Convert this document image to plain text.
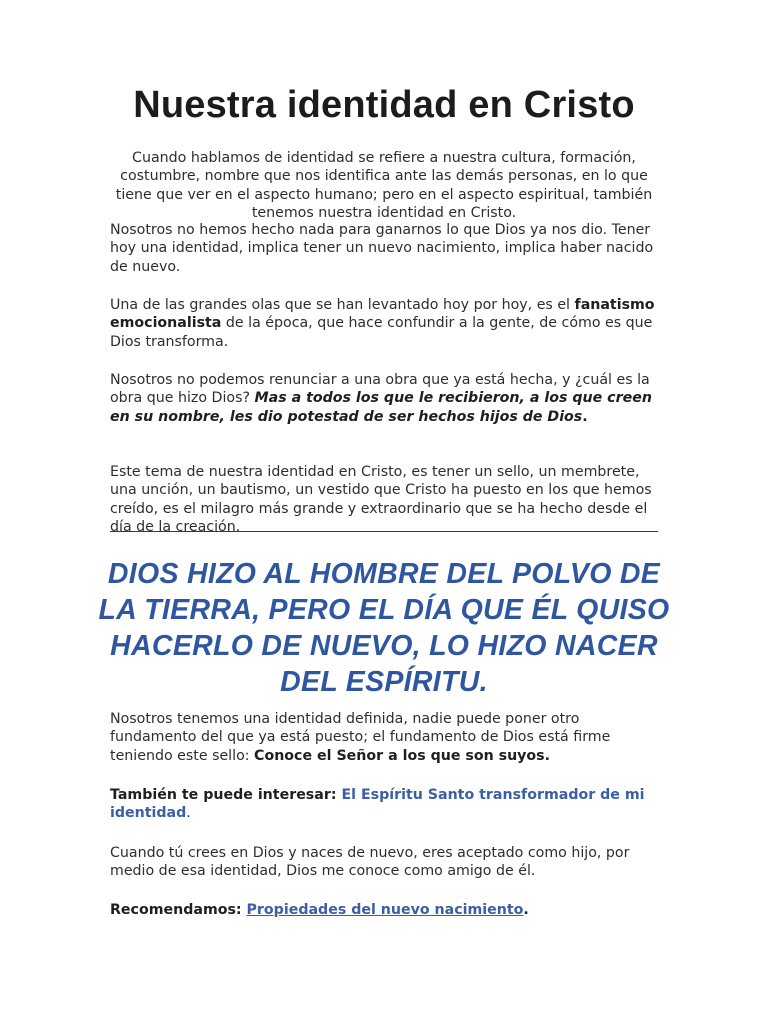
Nuestra identidad en Cristo

Cuando hablamos de identidad se refiere a nuestra cultura, formación, costumbre, nombre que nos identifica ante las demás personas, en lo que tiene que ver en el aspecto humano; pero en el aspecto espiritual, también tenemos nuestra identidad en Cristo.

Nosotros no hemos hecho nada para ganarnos lo que Dios ya nos dio. Tener hoy una identidad, implica tener un nuevo nacimiento, implica haber nacido de nuevo.

Una de las grandes olas que se han levantado hoy por hoy, es el fanatismo emocionalista de la época, que hace confundir a la gente, de cómo es que Dios transforma.

Nosotros no podemos renunciar a una obra que ya está hecha, y ¿cuál es la obra que hizo Dios? Mas a todos los que le recibieron, a los que creen en su nombre, les dio potestad de ser hechos hijos de Dios.

Este tema de nuestra identidad en Cristo, es tener un sello, un membrete, una unción, un bautismo, un vestido que Cristo ha puesto en los que hemos creído, es el milagro más grande y extraordinario que se ha hecho desde el día de la creación.

DIOS HIZO AL HOMBRE DEL POLVO DE LA TIERRA, PERO EL DÍA QUE ÉL QUISO HACERLO DE NUEVO, LO HIZO NACER DEL ESPÍRITU.

Nosotros tenemos una identidad definida, nadie puede poner otro fundamento del que ya está puesto; el fundamento de Dios está firme teniendo este sello: Conoce el Señor a los que son suyos.

También te puede interesar: El Espíritu Santo transformador de mi identidad.

Cuando tú crees en Dios y naces de nuevo, eres aceptado como hijo, por medio de esa identidad, Dios me conoce como amigo de él.

Recomendamos: Propiedades del nuevo nacimiento.
